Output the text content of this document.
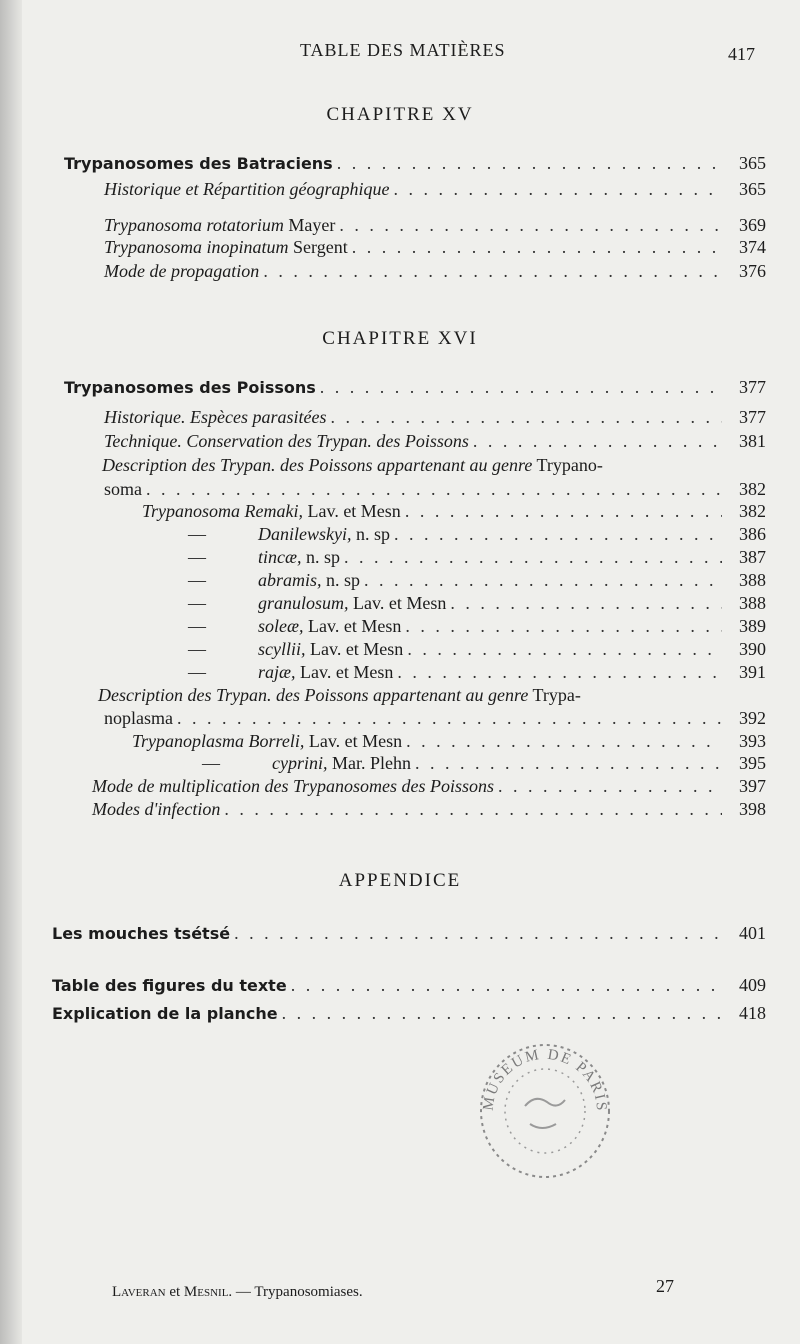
TABLE DES MATIÈRES	417
CHAPITRE XV
Trypanosomes des Batraciens . . .	365
Historique et Répartition géographique . . .	365
Trypanosoma rotatorium Mayer . . .	369
Trypanosoma inopinatum Sergent . . .	374
Mode de propagation . . .	376
CHAPITRE XVI
Trypanosomes des Poissons . . .	377
Historique. Espèces parasitées . . .	377
Technique. Conservation des Trypan. des Poissons . . .	381
Description des Trypan. des Poissons appartenant au genre Trypano-
soma . . .	382
Trypanosoma Remaki, Lav. et Mesn . . .	382
—	Danilewskyi, n. sp . . .	386
—	tincæ, n. sp . . .	387
—	abramis, n. sp . . .	388
—	granulosum, Lav. et Mesn . . .	388
—	soleæ, Lav. et Mesn . . .	389
—	scyllii, Lav. et Mesn . . .	390
—	rajæ, Lav. et Mesn . . .	391
Description des Trypan. des Poissons appartenant au genre Trypa-
noplasma . . .	392
Trypanoplasma Borreli, Lav. et Mesn . . .	393
—	cyprini, Mar. Plehn . . .	395
Mode de multiplication des Trypanosomes des Poissons . . .	397
Modes d'infection . . .	398
APPENDICE
Les mouches tsétsé . . .	401
Table des figures du texte . . .	409
Explication de la planche . . .	418
MUSEUM DE PARIS
Laveran et Mesnil. — Trypanosomiases.	27
